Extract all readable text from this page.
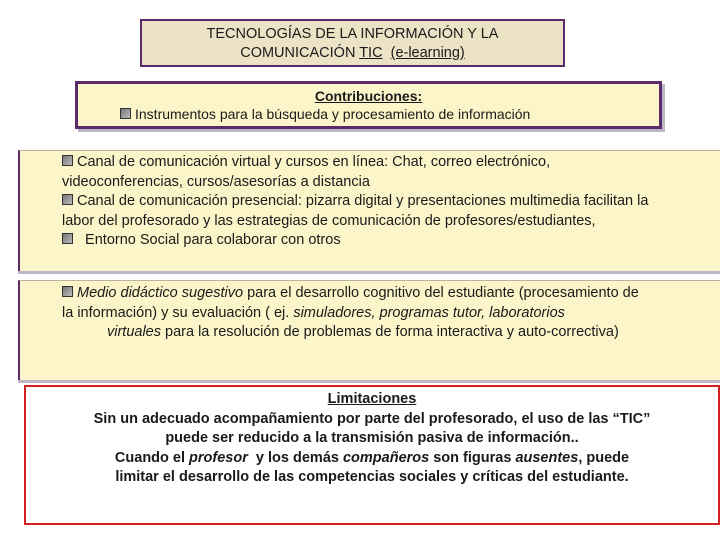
TECNOLOGÍAS DE LA INFORMACIÓN Y LA
COMUNICACIÓN TIC (e-learning)
Contribuciones:
Instrumentos para la búsqueda y procesamiento de información

Canal de comunicación virtual y cursos en línea: Chat, correo electrónico,

videoconferencias, cursos/asesorías a distancia

Canal de comunicación presencial: pizarra digital y presentaciones multimedia facilitan la

labor del profesorado y las estrategias de comunicación de profesores/estudiantes,

Entorno Social para colaborar con otros

Medio didáctico sugestivo para el desarrollo cognitivo del estudiante (procesamiento de

la información) y su evaluación ( ej. simuladores, programas tutor, laboratorios

virtuales para la resolución de problemas de forma interactiva y auto-correctiva)

Limitaciones

Sin un adecuado acompañamiento por parte del profesorado, el uso de las “TIC”

puede ser reducido a la transmisión pasiva de información..

Cuando el profesor  y los demás compañeros son figuras ausentes, puede

limitar el desarrollo de las competencias sociales y críticas del estudiante.
